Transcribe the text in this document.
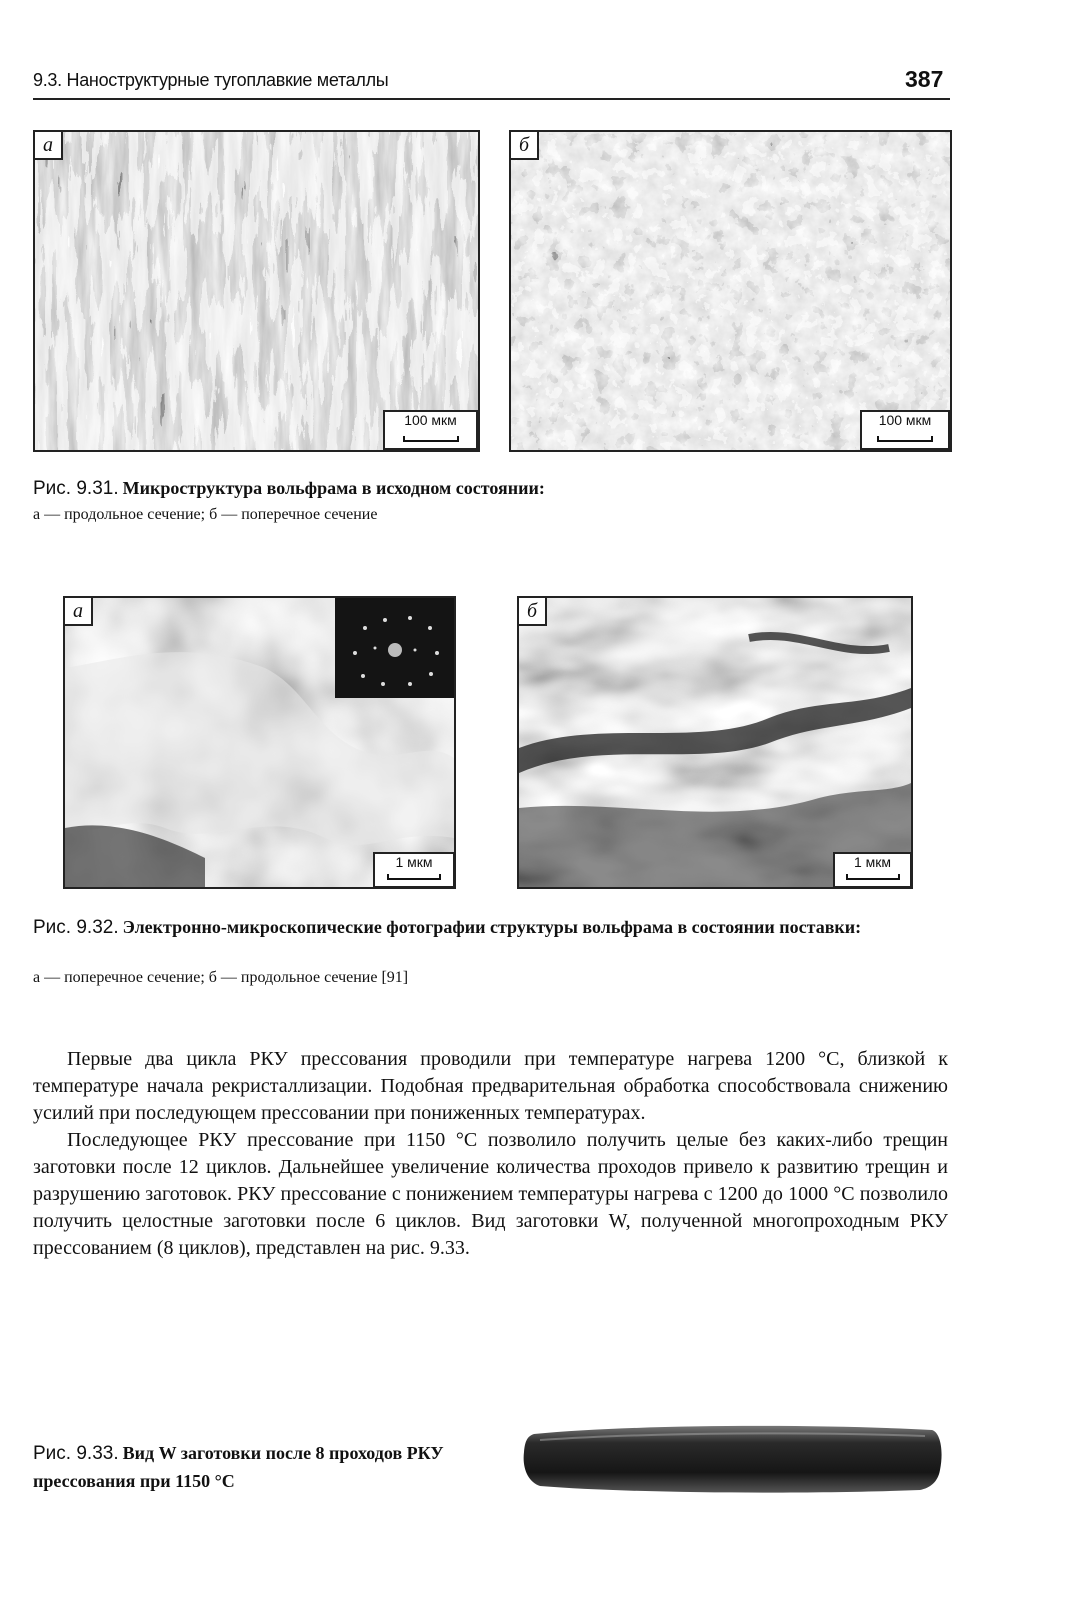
9.3. Наноструктурные тугоплавкие металлы	387
а
100 мкм
б
100 мкм
Рис. 9.31. Микроструктура вольфрама в исходном состоянии:
а — продольное сечение; б — поперечное сечение
а
1 мкм
б
1 мкм
Рис. 9.32. Электронно-микроскопические фотографии структуры вольфрама в состоянии поставки:
а — поперечное сечение; б — продольное сечение [91]

Первые два цикла РКУ прессования проводили при температуре нагрева 1200 °С, близкой к температуре начала рекристаллизации. Подобная предварительная обработка способствовала снижению усилий при последующем прессовании при пониженных температурах.

Последующее РКУ прессование при 1150 °С позволило получить целые без каких-либо трещин заготовки после 12 циклов. Дальнейшее увеличение количества проходов привело к развитию трещин и разрушению заготовок. РКУ прессование с понижением температуры нагрева с 1200 до 1000 °С позволило получить целостные заготовки после 6 циклов. Вид заготовки W, полученной многопроходным РКУ прессованием (8 циклов), представлен на рис. 9.33.

Рис. 9.33. Вид W заготовки после 8 проходов РКУ прессования при 1150 °С
